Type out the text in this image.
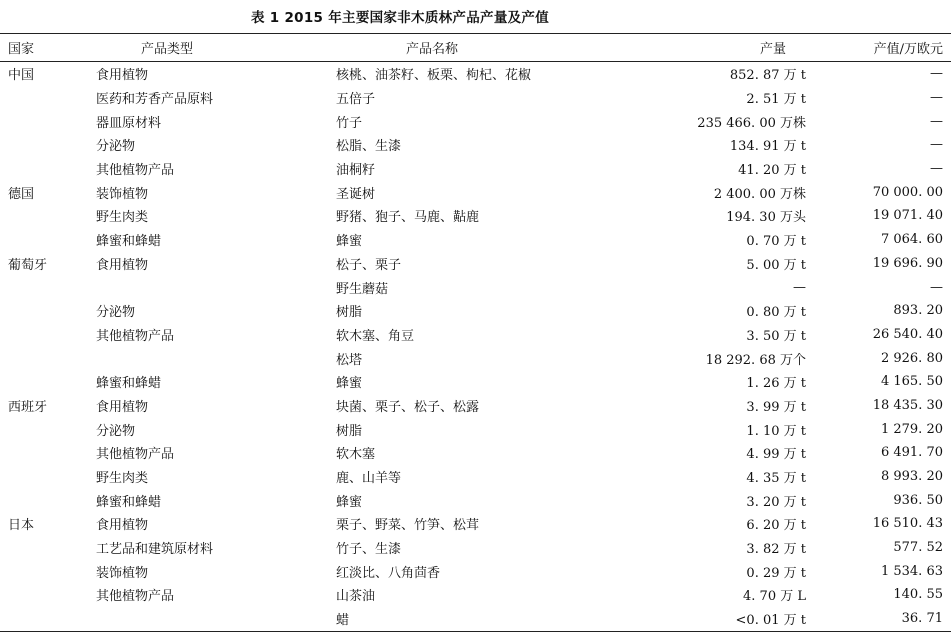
表 1 2015 年主要国家非木质林产品产量及产值
国家	产品类型	产品名称	产量	产值/万欧元
中国	食用植物	核桃、油茶籽、板栗、枸杞、花椒	852. 87 万 t	—
	医药和芳香产品原料	五倍子	2. 51 万 t	—
	器皿原材料	竹子	235 466. 00 万株	—
	分泌物	松脂、生漆	134. 91 万 t	—
	其他植物产品	油桐籽	41. 20 万 t	—
德国	装饰植物	圣诞树	2 400. 00 万株	70 000. 00
	野生肉类	野猪、狍子、马鹿、黇鹿	194. 30 万头	19 071. 40
	蜂蜜和蜂蜡	蜂蜜	0. 70 万 t	7 064. 60
葡萄牙	食用植物	松子、栗子	5. 00 万 t	19 696. 90
		野生蘑菇	—	—
	分泌物	树脂	0. 80 万 t	893. 20
	其他植物产品	软木塞、角豆	3. 50 万 t	26 540. 40
		松塔	18 292. 68 万个	2 926. 80
	蜂蜜和蜂蜡	蜂蜜	1. 26 万 t	4 165. 50
西班牙	食用植物	块菌、栗子、松子、松露	3. 99 万 t	18 435. 30
	分泌物	树脂	1. 10 万 t	1 279. 20
	其他植物产品	软木塞	4. 99 万 t	6 491. 70
	野生肉类	鹿、山羊等	4. 35 万 t	8 993. 20
	蜂蜜和蜂蜡	蜂蜜	3. 20 万 t	936. 50
日本	食用植物	栗子、野菜、竹笋、松茸	6. 20 万 t	16 510. 43
	工艺品和建筑原材料	竹子、生漆	3. 82 万 t	577. 52
	装饰植物	红淡比、八角茴香	0. 29 万 t	1 534. 63
	其他植物产品	山茶油	4. 70 万 L	140. 55
		蜡	<0. 01 万 t	36. 71
